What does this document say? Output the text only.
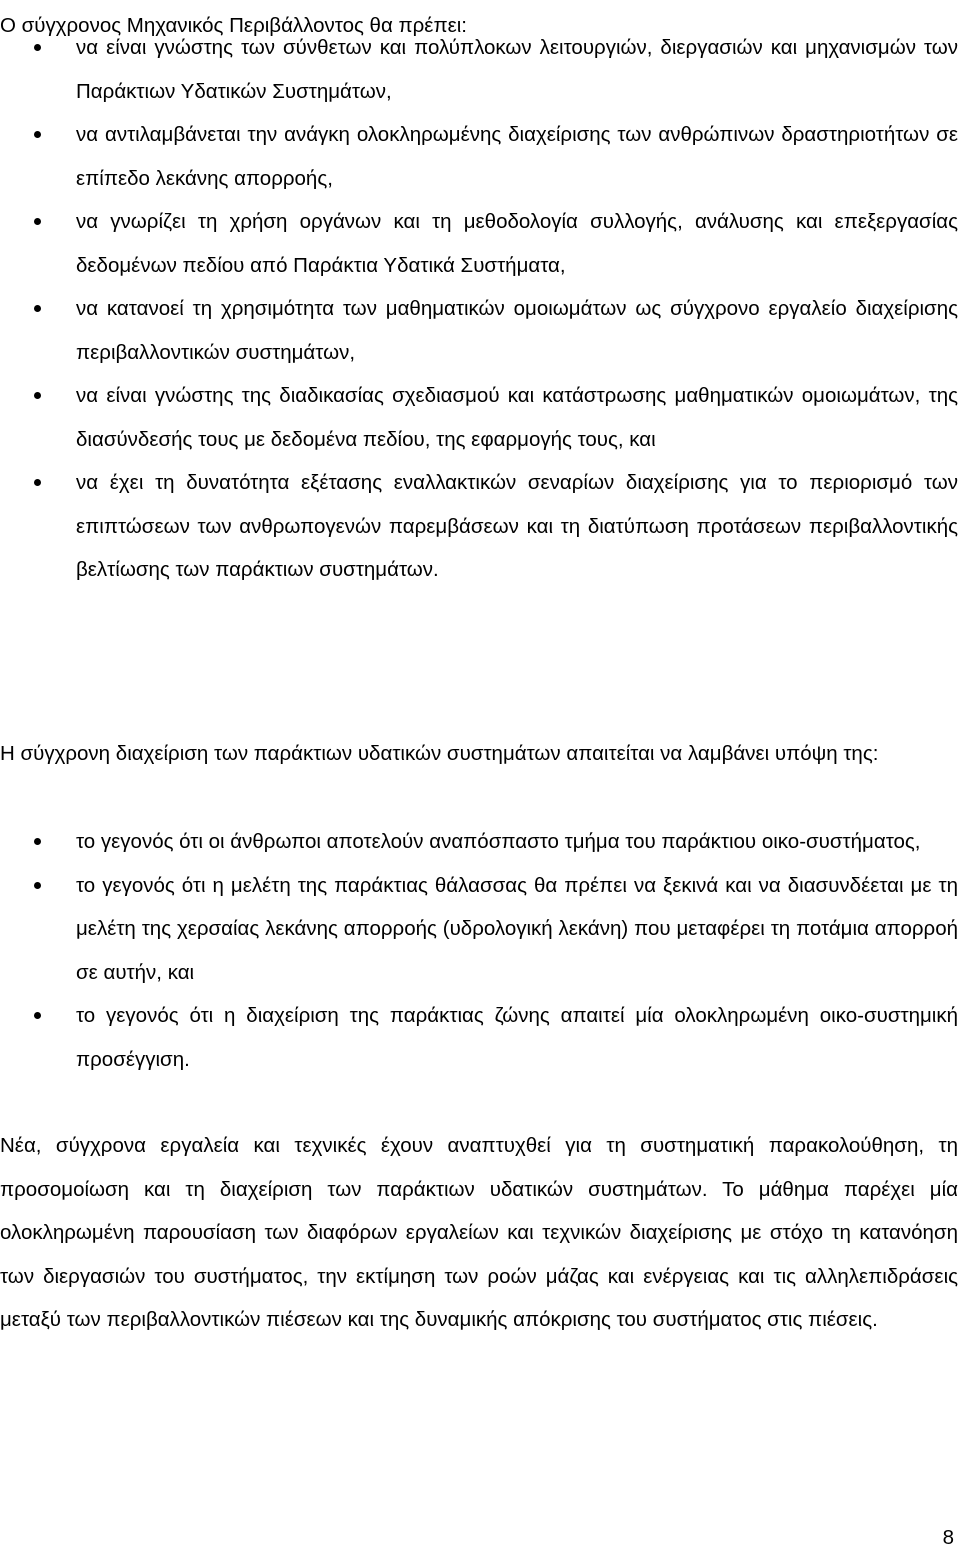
Ο σύγχρονος Μηχανικός Περιβάλλοντος θα πρέπει:
να είναι γνώστης των σύνθετων και πολύπλοκων λειτουργιών, διεργασιών και μηχανισμών των Παράκτιων Υδατικών Συστημάτων,
να αντιλαμβάνεται την ανάγκη ολοκληρωμένης διαχείρισης των ανθρώπινων δραστηριοτήτων σε επίπεδο λεκάνης απορροής,
να γνωρίζει τη χρήση οργάνων και τη μεθοδολογία συλλογής, ανάλυσης και επεξεργασίας δεδομένων πεδίου από Παράκτια Υδατικά Συστήματα,
να κατανοεί τη χρησιμότητα των μαθηματικών ομοιωμάτων ως σύγχρονο εργαλείο διαχείρισης περιβαλλοντικών συστημάτων,
να είναι γνώστης της διαδικασίας σχεδιασμού και κατάστρωσης μαθηματικών ομοιωμάτων, της διασύνδεσής τους με δεδομένα πεδίου, της εφαρμογής τους, και
να έχει τη δυνατότητα εξέτασης εναλλακτικών σεναρίων διαχείρισης για το περιορισμό των επιπτώσεων των ανθρωπογενών παρεμβάσεων και τη διατύπωση προτάσεων περιβαλλοντικής βελτίωσης των παράκτιων συστημάτων.

Η σύγχρονη διαχείριση των παράκτιων υδατικών συστημάτων απαιτείται να λαμβάνει υπόψη της:

το γεγονός ότι οι άνθρωποι αποτελούν αναπόσπαστο τμήμα του παράκτιου οικο-συστήματος,
το γεγονός ότι η μελέτη της παράκτιας θάλασσας θα πρέπει να ξεκινά και να διασυνδέεται με τη μελέτη της χερσαίας λεκάνης απορροής (υδρολογική λεκάνη) που μεταφέρει τη ποτάμια απορροή σε αυτήν, και
το γεγονός ότι η διαχείριση της παράκτιας ζώνης απαιτεί μία ολοκληρωμένη οικο-συστημική προσέγγιση.

Νέα, σύγχρονα εργαλεία και τεχνικές έχουν αναπτυχθεί για τη συστηματική παρακολούθηση, τη προσομοίωση και τη διαχείριση των παράκτιων υδατικών συστημάτων. Το μάθημα παρέχει μία ολοκληρωμένη παρουσίαση των διαφόρων εργαλείων και τεχνικών διαχείρισης με στόχο τη κατανόηση των διεργασιών του συστήματος, την εκτίμηση των ροών μάζας και ενέργειας και τις αλληλεπιδράσεις μεταξύ των περιβαλλοντικών πιέσεων και της δυναμικής απόκρισης του συστήματος στις πιέσεις.

8
